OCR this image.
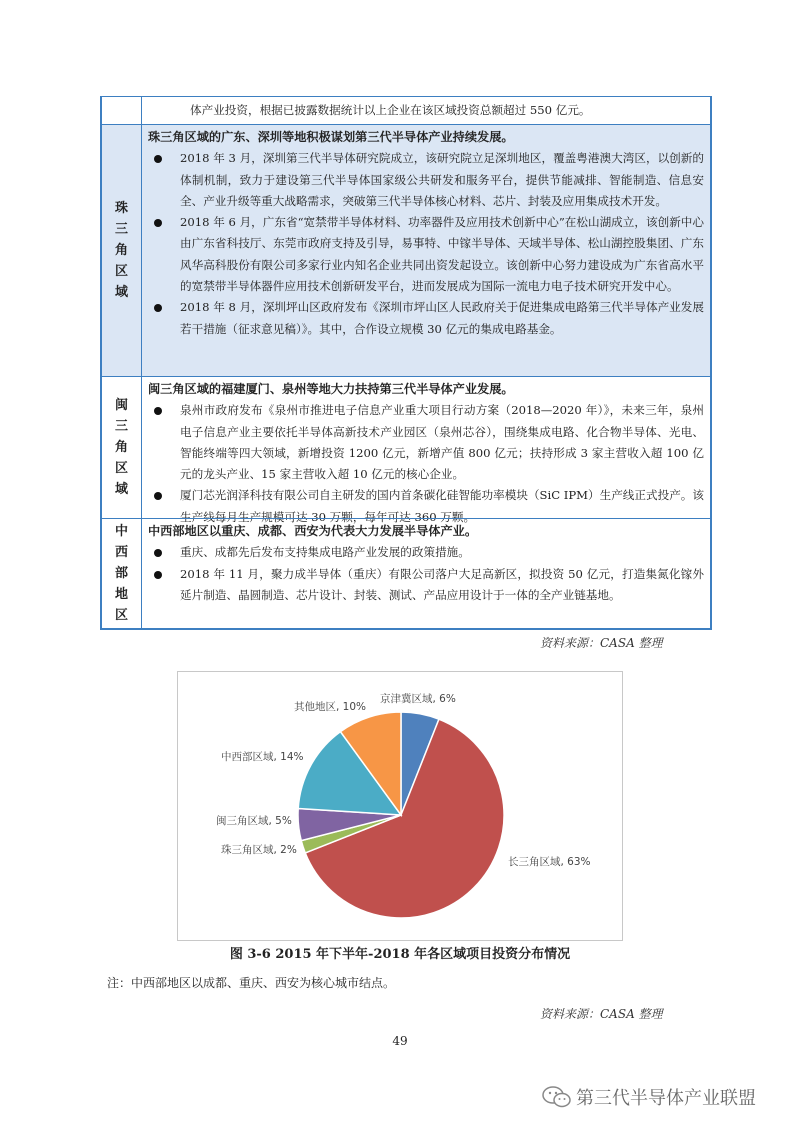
体产业投资，根据已披露数据统计以上企业在该区域投资总额超过 550 亿元。
珠
三
角
区
域
珠三角区域的广东、深圳等地积极谋划第三代半导体产业持续发展。
2018 年 3 月，深圳第三代半导体研究院成立，该研究院立足深圳地区，覆盖粤港澳大湾区，以创新的体制机制，致力于建设第三代半导体国家级公共研发和服务平台，提供节能减排、智能制造、信息安全、产业升级等重大战略需求，突破第三代半导体核心材料、芯片、封装及应用集成技术开发。
2018 年 6 月，广东省“宽禁带半导体材料、功率器件及应用技术创新中心”在松山湖成立，该创新中心由广东省科技厅、东莞市政府支持及引导，易事特、中镓半导体、天域半导体、松山湖控股集团、广东风华高科股份有限公司多家行业内知名企业共同出资发起设立。该创新中心努力建设成为广东省高水平的宽禁带半导体器件应用技术创新研发平台，进而发展成为国际一流电力电子技术研究开发中心。
2018 年 8 月，深圳坪山区政府发布《深圳市坪山区人民政府关于促进集成电路第三代半导体产业发展若干措施（征求意见稿）》。其中，合作设立规模 30 亿元的集成电路基金。
闽
三
角
区
域
闽三角区域的福建厦门、泉州等地大力扶持第三代半导体产业发展。
泉州市政府发布《泉州市推进电子信息产业重大项目行动方案（2018—2020 年）》，未来三年，泉州电子信息产业主要依托半导体高新技术产业园区（泉州芯谷），围绕集成电路、化合物半导体、光电、智能终端等四大领域，新增投资 1200 亿元，新增产值 800 亿元；扶持形成 3 家主营收入超 100 亿元的龙头产业、15 家主营收入超 10 亿元的核心企业。
厦门芯光润泽科技有限公司自主研发的国内首条碳化硅智能功率模块（SiC IPM）生产线正式投产。该生产线每月生产规模可达 30 万颗，每年可达 360 万颗。
中
西
部
地
区
中西部地区以重庆、成都、西安为代表大力发展半导体产业。
重庆、成都先后发布支持集成电路产业发展的政策措施。
2018 年 11 月，聚力成半导体（重庆）有限公司落户大足高新区，拟投资 50 亿元，打造集氮化镓外延片制造、晶圆制造、芯片设计、封装、测试、产品应用设计于一体的全产业链基地。
资料来源：CASA 整理
京津冀区域, 6%
长三角区域, 63%
珠三角区域, 2%
闽三角区域, 5%
中西部区域, 14%
其他地区, 10%
图 3-6 2015 年下半年-2018 年各区域项目投资分布情况
注：中西部地区以成都、重庆、西安为核心城市结点。
资料来源：CASA 整理
49
第三代半导体产业联盟
